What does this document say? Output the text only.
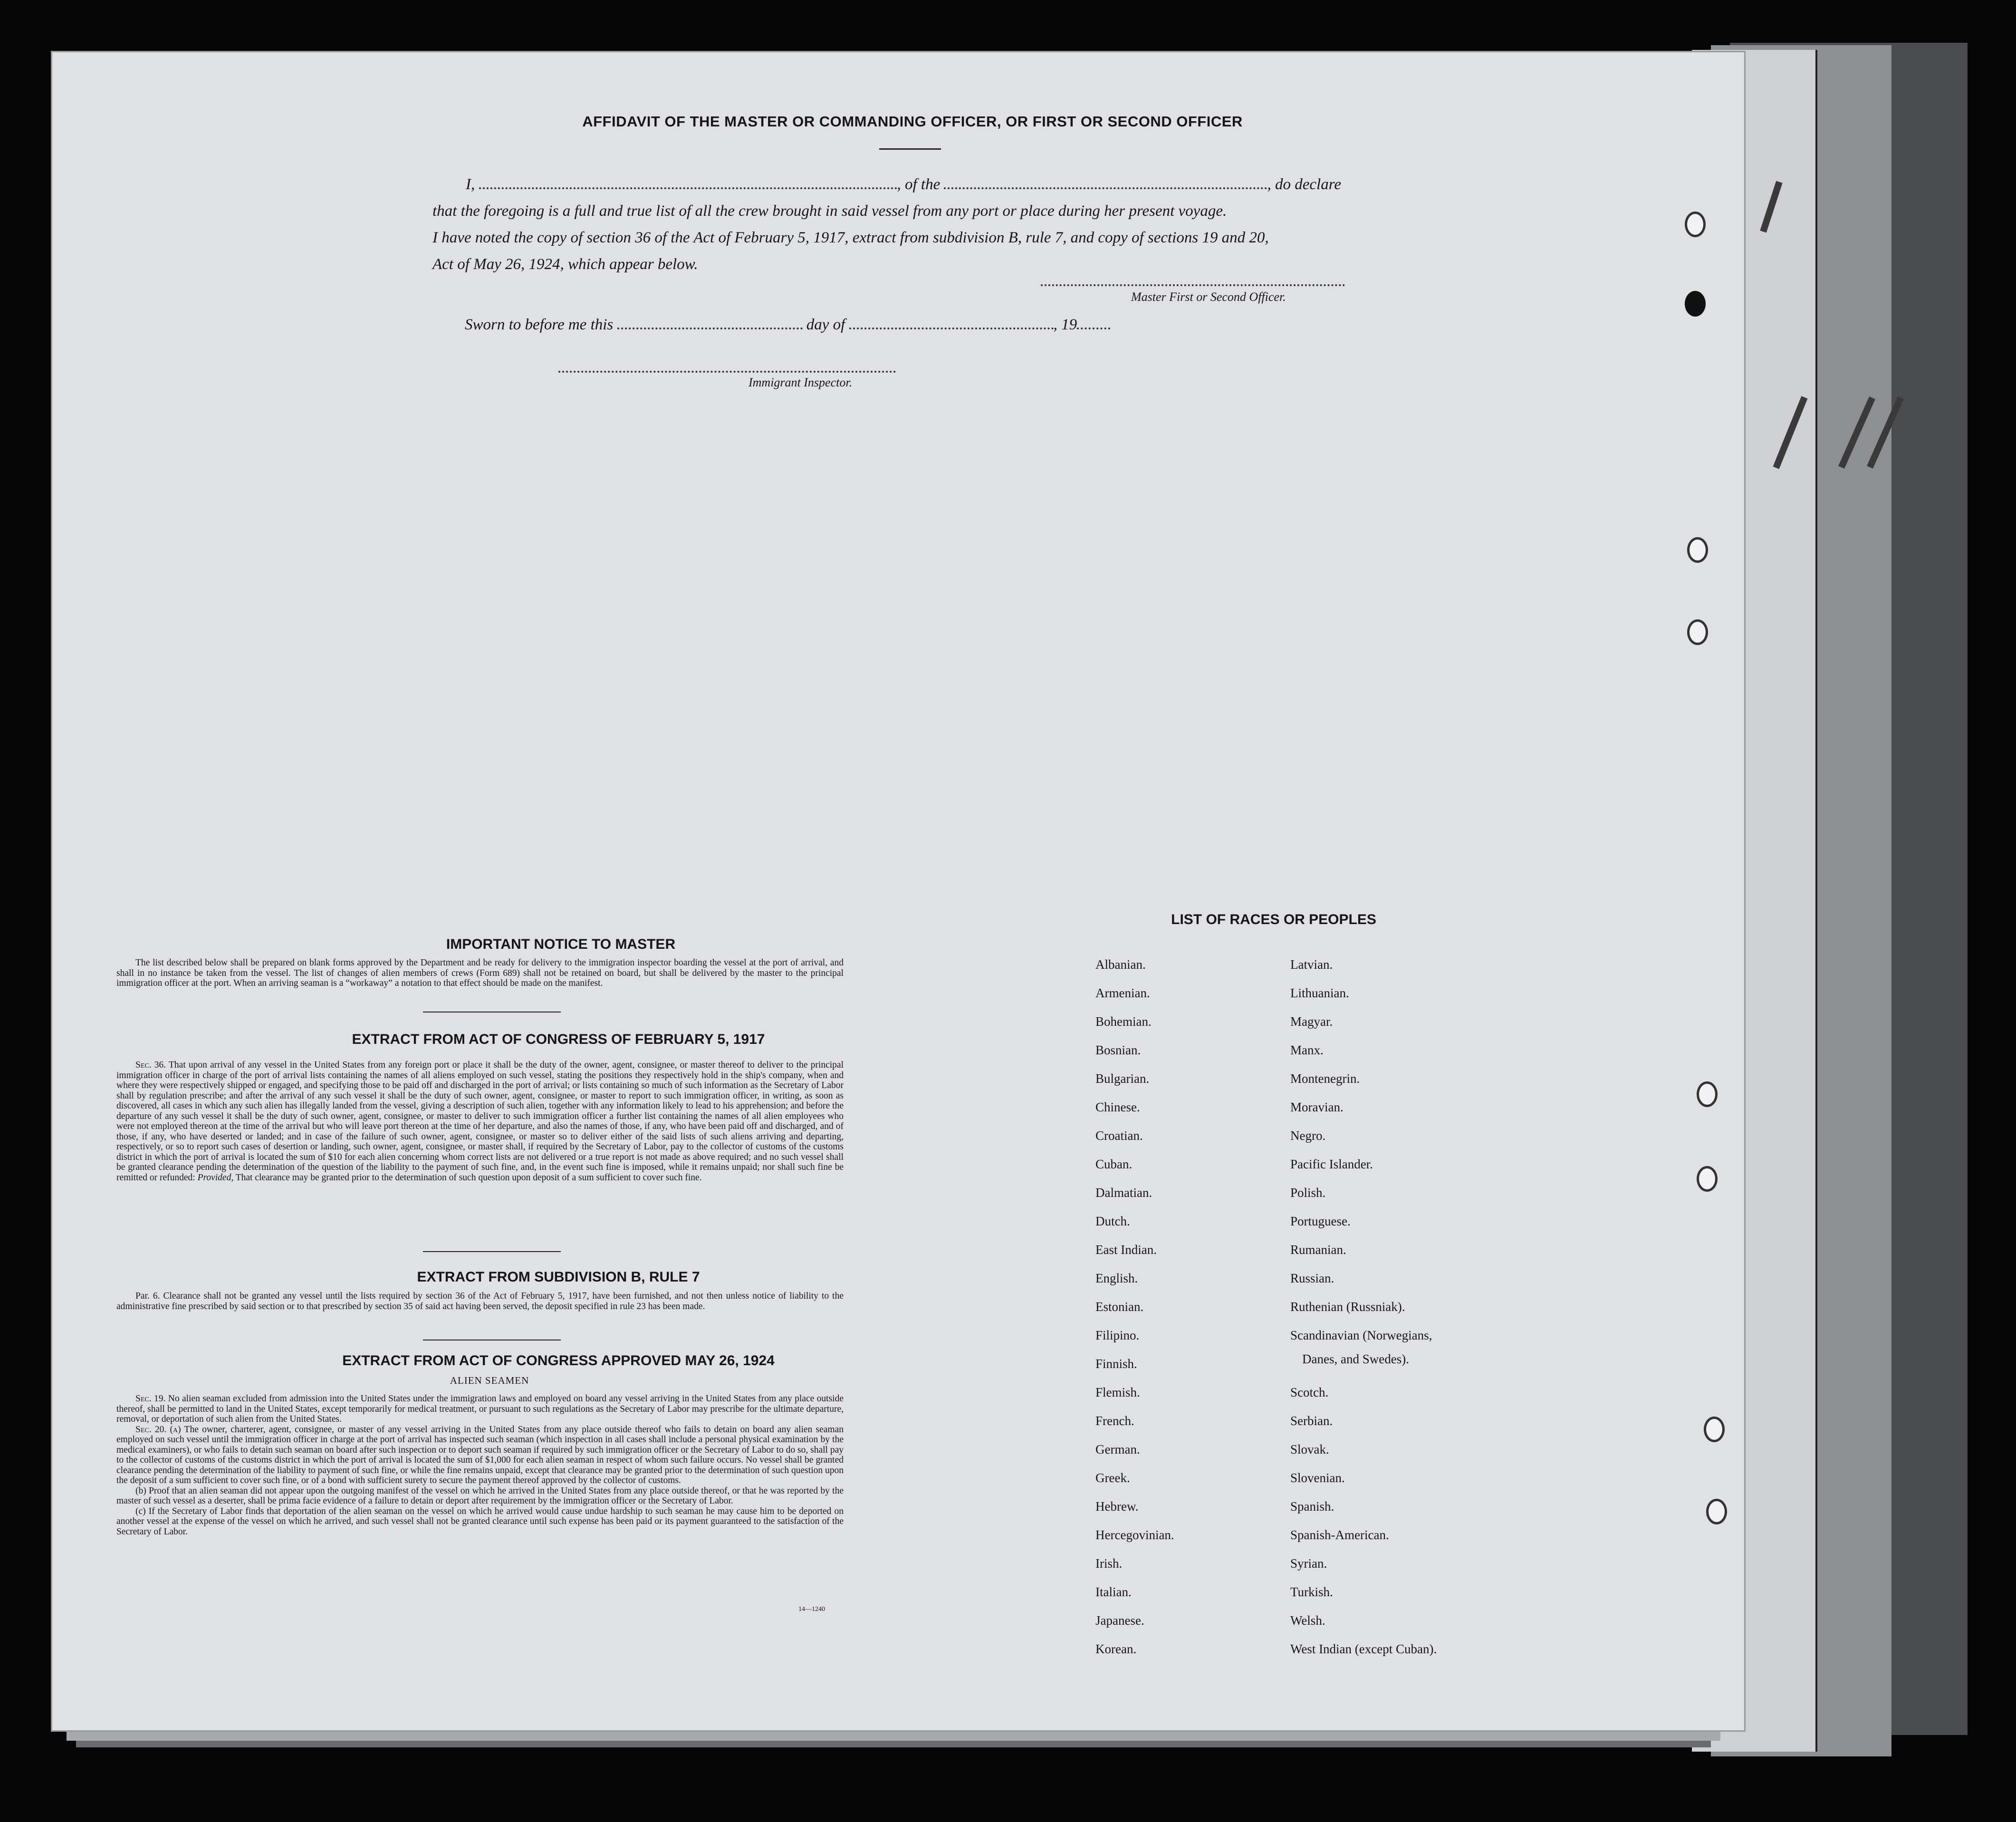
AFFIDAVIT OF THE MASTER OR COMMANDING OFFICER, OR FIRST OR SECOND OFFICER

I,	, of the	, do declare

that the foregoing is a full and true list of all the crew brought in said vessel from any port or place during her present voyage.

I have noted the copy of section 36 of the Act of February 5, 1917, extract from subdivision B, rule 7, and copy of sections 19 and 20,

Act of May 26, 1924, which appear below.

Master First or Second Officer.
Sworn to before me this	day of	, 19
Immigrant Inspector.
IMPORTANT NOTICE TO MASTER

The list described below shall be prepared on blank forms approved by the Department and be ready for delivery to the immigration inspector boarding the vessel at the port of arrival, and shall in no instance be taken from the vessel. The list of changes of alien members of crews (Form 689) shall not be retained on board, but shall be delivered by the master to the principal immigration officer at the port. When an arriving seaman is a “workaway” a notation to that effect should be made on the manifest.

EXTRACT FROM ACT OF CONGRESS OF FEBRUARY 5, 1917

Sec. 36. That upon arrival of any vessel in the United States from any foreign port or place it shall be the duty of the owner, agent, consignee, or master thereof to deliver to the principal immigration officer in charge of the port of arrival lists containing the names of all aliens employed on such vessel, stating the positions they respectively hold in the ship's company, when and where they were respectively shipped or engaged, and specifying those to be paid off and discharged in the port of arrival; or lists containing so much of such information as the Secretary of Labor shall by regulation prescribe; and after the arrival of any such vessel it shall be the duty of such owner, agent, consignee, or master to report to such immigration officer, in writing, as soon as discovered, all cases in which any such alien has illegally landed from the vessel, giving a description of such alien, together with any information likely to lead to his apprehension; and before the departure of any such vessel it shall be the duty of such owner, agent, consignee, or master to deliver to such immigration officer a further list containing the names of all alien employees who were not employed thereon at the time of the arrival but who will leave port thereon at the time of her departure, and also the names of those, if any, who have been paid off and discharged, and of those, if any, who have deserted or landed; and in case of the failure of such owner, agent, consignee, or master so to deliver either of the said lists of such aliens arriving and departing, respectively, or so to report such cases of desertion or landing, such owner, agent, consignee, or master shall, if required by the Secretary of Labor, pay to the collector of customs of the customs district in which the port of arrival is located the sum of $10 for each alien concerning whom correct lists are not delivered or a true report is not made as above required; and no such vessel shall be granted clearance pending the determination of the question of the liability to the payment of such fine, and, in the event such fine is imposed, while it remains unpaid; nor shall such fine be remitted or refunded: Provided, That clearance may be granted prior to the determination of such question upon deposit of a sum sufficient to cover such fine.

EXTRACT FROM SUBDIVISION B, RULE 7

Par. 6. Clearance shall not be granted any vessel until the lists required by section 36 of the Act of February 5, 1917, have been furnished, and not then unless notice of liability to the administrative fine prescribed by said section or to that prescribed by section 35 of said act having been served, the deposit specified in rule 23 has been made.

EXTRACT FROM ACT OF CONGRESS APPROVED MAY 26, 1924
ALIEN SEAMEN

Sec. 19. No alien seaman excluded from admission into the United States under the immigration laws and employed on board any vessel arriving in the United States from any place outside thereof, shall be permitted to land in the United States, except temporarily for medical treatment, or pursuant to such regulations as the Secretary of Labor may prescribe for the ultimate departure, removal, or deportation of such alien from the United States.

Sec. 20. (a) The owner, charterer, agent, consignee, or master of any vessel arriving in the United States from any place outside thereof who fails to detain on board any alien seaman employed on such vessel until the immigration officer in charge at the port of arrival has inspected such seaman (which inspection in all cases shall include a personal physical examination by the medical examiners), or who fails to detain such seaman on board after such inspection or to deport such seaman if required by such immigration officer or the Secretary of Labor to do so, shall pay to the collector of customs of the customs district in which the port of arrival is located the sum of $1,000 for each alien seaman in respect of whom such failure occurs. No vessel shall be granted clearance pending the determination of the liability to payment of such fine, or while the fine remains unpaid, except that clearance may be granted prior to the determination of such question upon the deposit of a sum sufficient to cover such fine, or of a bond with sufficient surety to secure the payment thereof approved by the collector of customs.

(b) Proof that an alien seaman did not appear upon the outgoing manifest of the vessel on which he arrived in the United States from any place outside thereof, or that he was reported by the master of such vessel as a deserter, shall be prima facie evidence of a failure to detain or deport after requirement by the immigration officer or the Secretary of Labor.

(c) If the Secretary of Labor finds that deportation of the alien seaman on the vessel on which he arrived would cause undue hardship to such seaman he may cause him to be deported on another vessel at the expense of the vessel on which he arrived, and such vessel shall not be granted clearance until such expense has been paid or its payment guaranteed to the satisfaction of the Secretary of Labor.

14—1240
LIST OF RACES OR PEOPLES
Albanian.
Armenian.
Bohemian.
Bosnian.
Bulgarian.
Chinese.
Croatian.
Cuban.
Dalmatian.
Dutch.
East Indian.
English.
Estonian.
Filipino.
Finnish.
Flemish.
French.
German.
Greek.
Hebrew.
Hercegovinian.
Irish.
Italian.
Japanese.
Korean.
Latvian.
Lithuanian.
Magyar.
Manx.
Montenegrin.
Moravian.
Negro.
Pacific Islander.
Polish.
Portuguese.
Rumanian.
Russian.
Ruthenian (Russniak).
Scandinavian (Norwegians,
Scotch.
Serbian.
Slovak.
Slovenian.
Spanish.
Spanish-American.
Syrian.
Turkish.
Welsh.
West Indian (except Cuban).
Danes, and Swedes).
